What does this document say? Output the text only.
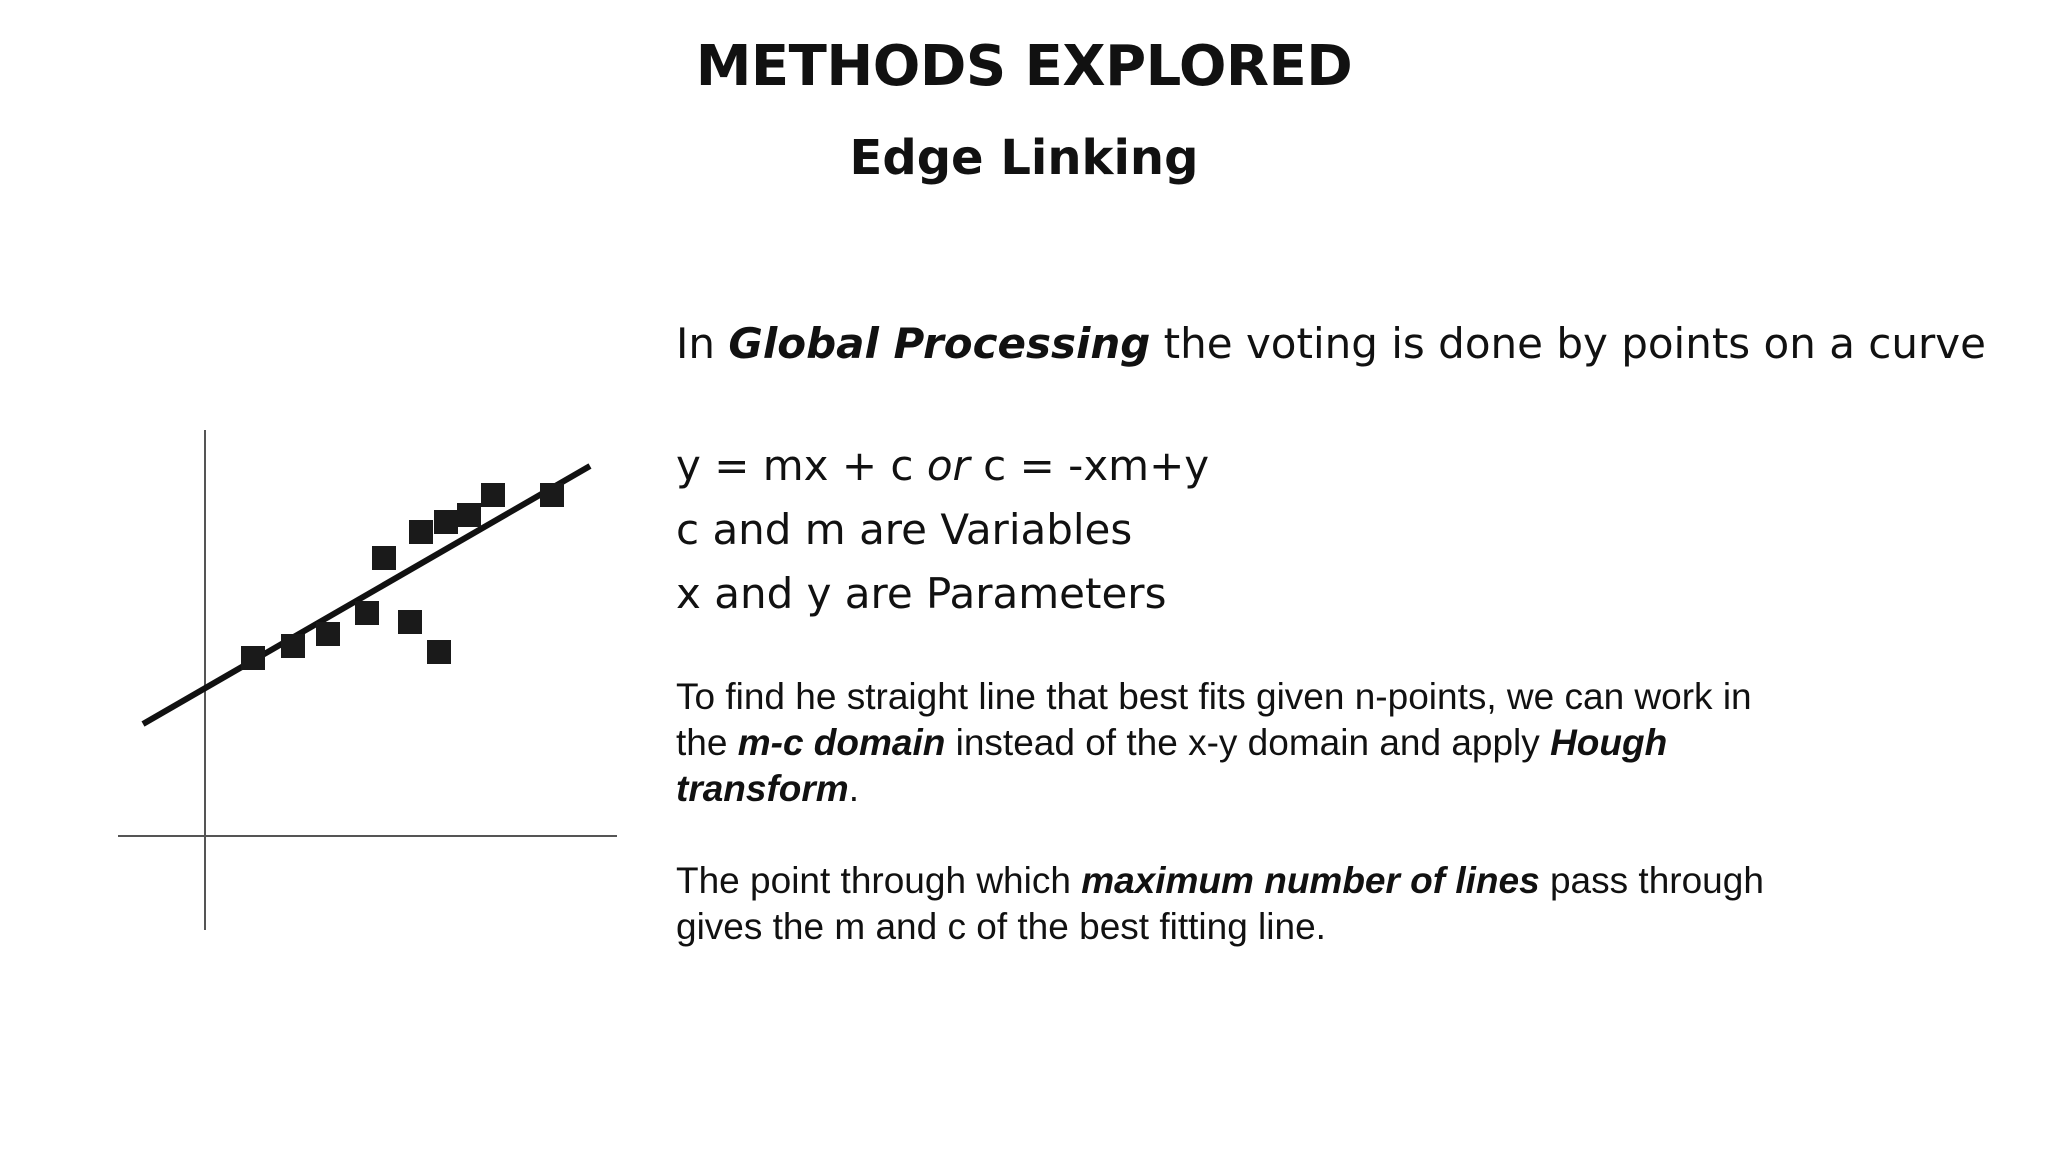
METHODS EXPLORED
Edge Linking
In Global Processing the voting is done by points on a curve
y = mx + c or c = -xm+y
c and m are Variables
x and y are Parameters

To find he straight line that best fits given n-points, we can work in the m-c domain instead of the x-y domain and apply Hough transform.

The point through which maximum number of lines pass through gives the m and c of the best fitting line.
